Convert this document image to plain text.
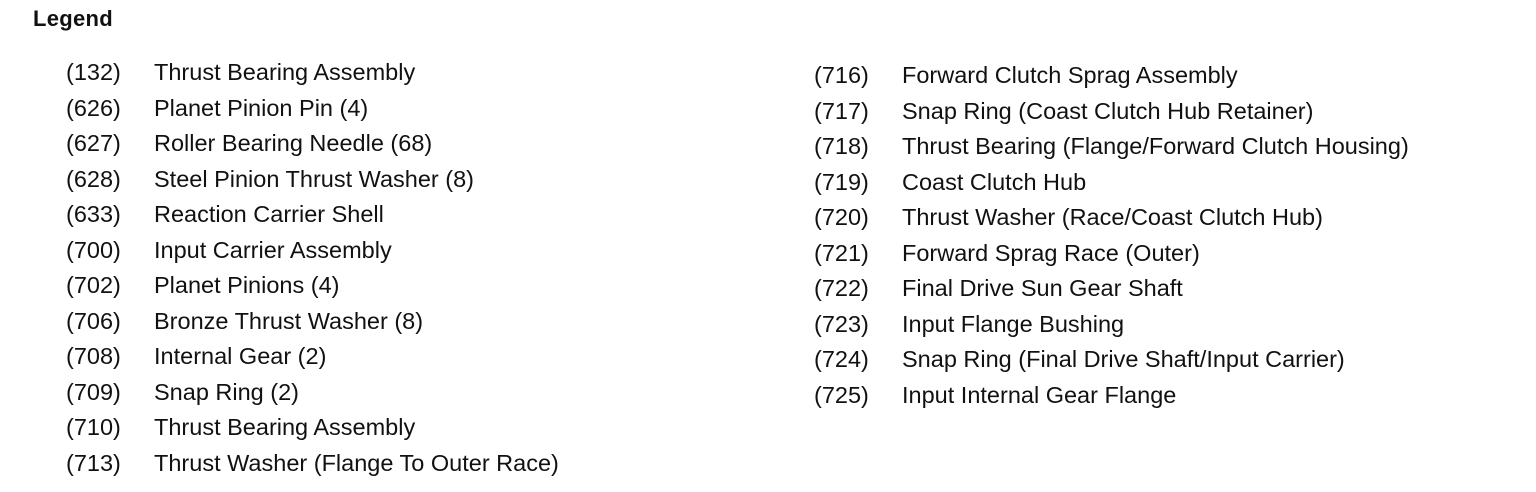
Legend
(132)	Thrust Bearing Assembly
(626)	Planet Pinion Pin (4)
(627)	Roller Bearing Needle (68)
(628)	Steel Pinion Thrust Washer (8)
(633)	Reaction Carrier Shell
(700)	Input Carrier Assembly
(702)	Planet Pinions (4)
(706)	Bronze Thrust Washer (8)
(708)	Internal Gear (2)
(709)	Snap Ring (2)
(710)	Thrust Bearing Assembly
(713)	Thrust Washer (Flange To Outer Race)
(716)	Forward Clutch Sprag Assembly
(717)	Snap Ring (Coast Clutch Hub Retainer)
(718)	Thrust Bearing (Flange/Forward Clutch Housing)
(719)	Coast Clutch Hub
(720)	Thrust Washer (Race/Coast Clutch Hub)
(721)	Forward Sprag Race (Outer)
(722)	Final Drive Sun Gear Shaft
(723)	Input Flange Bushing
(724)	Snap Ring (Final Drive Shaft/Input Carrier)
(725)	Input Internal Gear Flange
